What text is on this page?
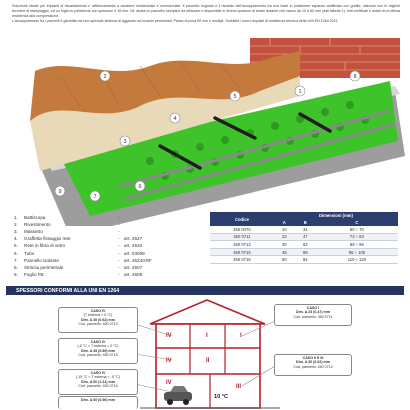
Soluzione ideale per impianti di riscaldamento e raffrescamento a carattere residenziale e commerciale. Il pannello bugnato è il risultato dell'accoppiamento tra una base in polistirene espanso additivato con grafite, ottenuto con le migliori tecniche di stampaggio, ed un foglio in polistirene con spessore 0,16 mm. Ne risulta un pannello semplice da utilizzare e disponibile in diversi spessori di strato isolante che vanno da 10 a 60 mm (dati tabella 1), tutti certificati e dotati di un'ottima resistenza alla compressione.

L'accoppiamento fra i pannelli è garantito da uno speciale sistema di aggancio ad incastri perimetrali. Passo di posa 50 mm e multipli. Soddisfa i nuovi requisiti di resistenza termica della UNI EN 1264 2021.

2
3
4
5
1
6
7
8
9
1.	Battiscopa	-
2.	Rivestimento	-
3.	Massetto	-
4.	Graffetta fissaggio rete	- art. 4527
5.	Rete in fibra di vetro	- art. 4532
6.	Tubo	- art. 03009
7.	Pannello isolante	- art. 4524GRF
8.	Striscia perimetrale	- art. 4507
9.	Foglio PE	- art. 4509
Codice	Dimensioni (mm)		
	A	B	C
450 0470	10	34	60 ÷ 70
450 0711	23	47	73 ÷ 83
450 0713	30	62	89 ÷ 96
450 0715	45	69	95 ÷ 105
450 0716	60	84	110 ÷ 120
SPESSORI CONFORMI ALLA UNI EN 1264
CASO IV
(T esterna > 0 °C)
Dim. A 30 (0.62) mm
Cod. pannello: 450 0713
CASO IV
(-5 °C < T esterna < 0 °C)
Dim. A 45 (0.89) mm
Cod. pannello: 450 0715
CASO IV
(-15 °C < T esterna < -5 °C)
Dim. A 60 (1.31) mm
Cod. pannello: 450 0716
Dim. A 60 (0.96) mm
CASO I
Dim. A 23 (0.47) mm
Cod. pannello: 450 0711
CASO II E III
Dim. A 30 (0.62) mm
Cod. pannello: 450 0713
IV	I	I
IV	II
III
IV
10 °C
